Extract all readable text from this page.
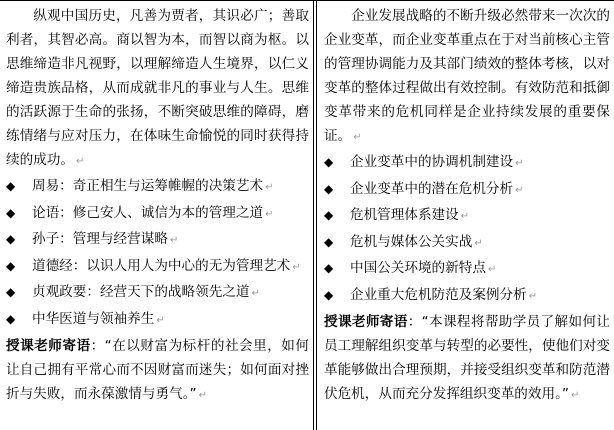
纵观中国历史，凡善为贾者，其识必广；善取利者，其智必高。商以智为本，而智以商为枢。以思维缔造非凡视野，以理解缔造人生境界，以仁义缔造贵族品格，从而成就非凡的事业与人生。思维的活跃源于生命的张扬，不断突破思维的障碍，磨练情绪与应对压力，在体味生命愉悦的同时获得持续的成功。 ↵

◆ 周易：奇正相生与运筹帷幄的决策艺术 ↵
◆ 论语：修己安人、诚信为本的管理之道 ↵
◆ 孙子：管理与经营谋略 ↵
◆ 道德经：以识人用人为中心的无为管理艺术 ↵
◆ 贞观政要：经营天下的战略领先之道 ↵
◆ 中华医道与领袖养生 ↵

授课老师寄语：“在以财富为标杆的社会里，如何让自己拥有平常心而不因财富而迷失；如何面对挫折与失败，而永葆激情与勇气。” ↵

企业发展战略的不断升级必然带来一次次的企业变革，而企业变革重点在于对当前核心主管的管理协调能力及其部门绩效的整体考核，以对变革的整体过程做出有效控制。有效防范和抵御变革带来的危机同样是企业持续发展的重要保证。 ↵

◆ 企业变革中的协调机制建设 ↵
◆ 企业变革中的潜在危机分析 ↵
◆ 危机管理体系建设 ↵
◆ 危机与媒体公关实战 ↵
◆ 中国公关环境的新特点 ↵
◆ 企业重大危机防范及案例分析 ↵

授课老师寄语：“本课程将帮助学员了解如何让员工理解组织变革与转型的必要性，使他们对变革能够做出合理预期，并接受组织变革和防范潜伏危机，从而充分发挥组织变革的效用。” ↵
